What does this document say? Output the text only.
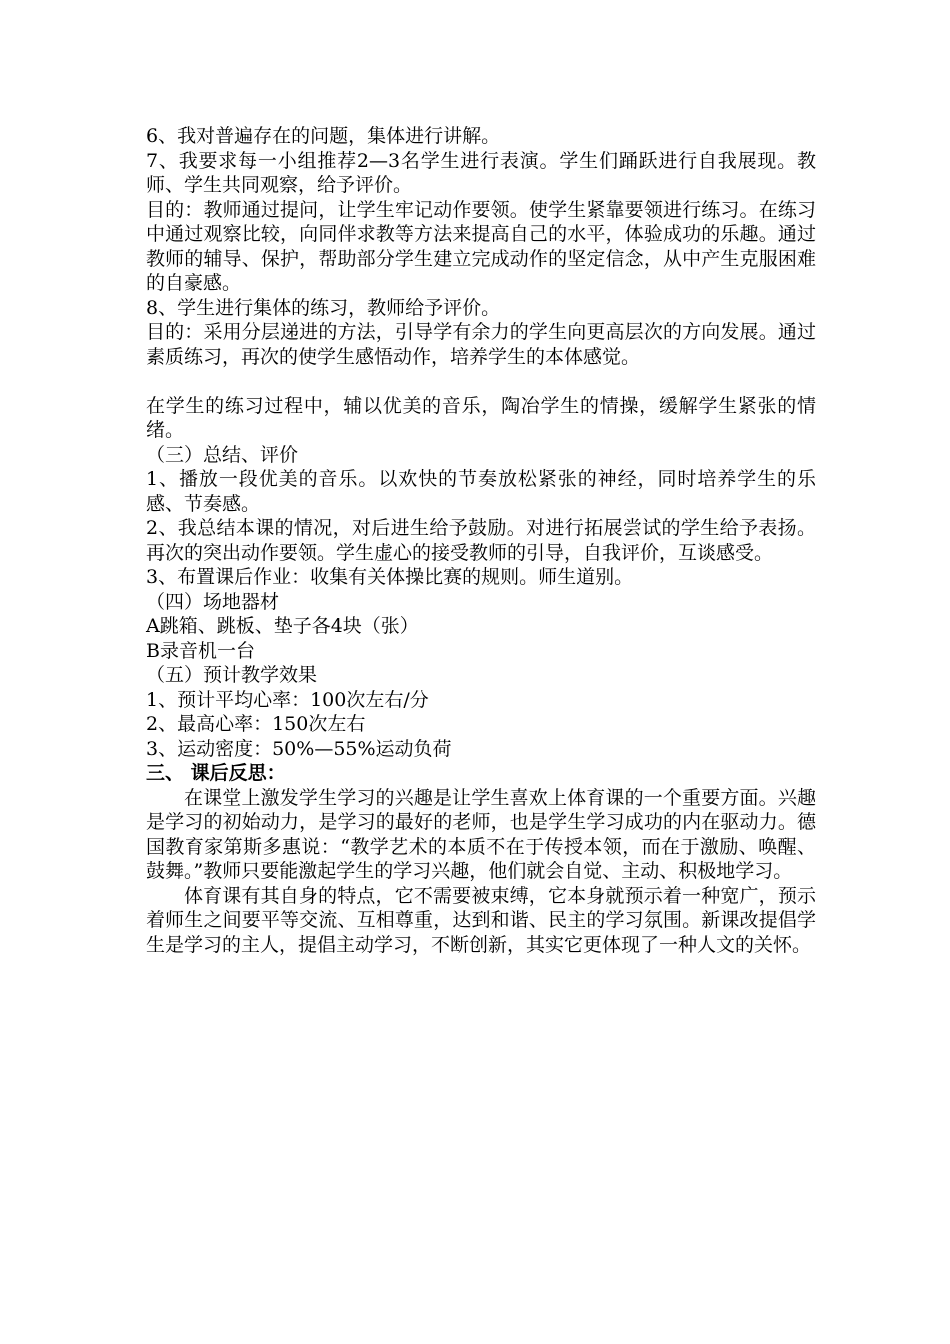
6、我对普遍存在的问题，集体进行讲解。

7、我要求每一小组推荐2—3名学生进行表演。学生们踊跃进行自我展现。教师、学生共同观察，给予评价。

目的：教师通过提问，让学生牢记动作要领。使学生紧靠要领进行练习。在练习中通过观察比较，向同伴求教等方法来提高自己的水平，体验成功的乐趣。通过教师的辅导、保护，帮助部分学生建立完成动作的坚定信念，从中产生克服困难的自豪感。

8、学生进行集体的练习，教师给予评价。

目的：采用分层递进的方法，引导学有余力的学生向更高层次的方向发展。通过素质练习，再次的使学生感悟动作，培养学生的本体感觉。

在学生的练习过程中，辅以优美的音乐，陶冶学生的情操，缓解学生紧张的情绪。

（三）总结、评价

1、播放一段优美的音乐。以欢快的节奏放松紧张的神经，同时培养学生的乐感、节奏感。

2、我总结本课的情况，对后进生给予鼓励。对进行拓展尝试的学生给予表扬。再次的突出动作要领。学生虚心的接受教师的引导，自我评价，互谈感受。

3、布置课后作业：收集有关体操比赛的规则。师生道别。

（四）场地器材

A跳箱、跳板、垫子各4块（张）

B录音机一台

（五）预计教学效果

1、预计平均心率：100次左右/分

2、最高心率：150次左右

3、运动密度：50%—55%运动负荷

三、 课后反思：

在课堂上激发学生学习的兴趣是让学生喜欢上体育课的一个重要方面。兴趣是学习的初始动力，是学习的最好的老师，也是学生学习成功的内在驱动力。德国教育家第斯多惠说：“教学艺术的本质不在于传授本领，而在于激励、唤醒、鼓舞。”教师只要能激起学生的学习兴趣，他们就会自觉、主动、积极地学习。

体育课有其自身的特点，它不需要被束缚，它本身就预示着一种宽广，预示着师生之间要平等交流、互相尊重，达到和谐、民主的学习氛围。新课改提倡学生是学习的主人，提倡主动学习，不断创新，其实它更体现了一种人文的关怀。
